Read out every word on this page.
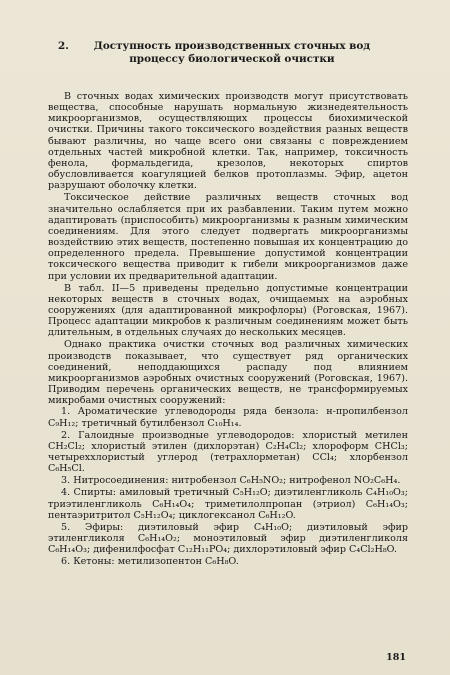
2.	Доступность производственных сточных вод процессу биологической очистки

В сточных водах химических производств могут присутствовать вещества, способные нарушать нормальную жизнедеятельность микроорганизмов, осуществляющих процессы биохимической очистки. Причины такого токсического воздействия разных веществ бывают различны, но чаще всего они связаны с повреждением отдельных частей микробной клетки. Так, например, токсичность фенола, формальдегида, крезолов, некоторых спиртов обусловливается коагуляцией белков протоплазмы. Эфир, ацетон разрушают оболочку клетки.

Токсическое действие различных веществ сточных вод значительно ослабляется при их разбавлении. Таким путем можно адаптировать (приспособить) микроорганизмы к разным химическим соединениям. Для этого следует подвергать микроорганизмы воздействию этих веществ, постепенно повышая их концентрацию до определенного предела. Превышение допустимой концентрации токсического вещества приводит к гибели микроорганизмов даже при условии их предварительной адаптации.

В табл. II—5 приведены предельно допустимые концентрации некоторых веществ в сточных водах, очищаемых на аэробных сооружениях (для адаптированной микрофлоры) (Роговская, 1967). Процесс адаптации микробов к различным соединениям может быть длительным, в отдельных случаях до нескольких месяцев.

Однако практика очистки сточных вод различных химических производств показывает, что существует ряд органических соединений, неподдающихся распаду под влиянием микроорганизмов аэробных очистных сооружений (Роговская, 1967). Приводим перечень органических веществ, не трансформируемых микробами очистных сооружений:

1. Ароматические углеводороды ряда бензола: н-пропилбензол C₉H₁₂; третичный бутилбензол C₁₀H₁₄.

2. Галоидные производные углеводородов: хлористый метилен CH₂Cl₂; хлористый этилен (дихлорэтан) C₂H₄Cl₂; хлороформ CHCl₃; четыреххлористый углерод (тетрахлорметан) CCl₄; хлорбензол C₆H₅Cl.

3. Нитросоединения: нитробензол C₆H₅NO₂; нитрофенол NO₂C₆H₄.

4. Спирты: амиловый третичный C₅H₁₂O; диэтиленгликоль C₄H₁₀O₃; триэтиленгликоль C₆H₁₄O₄; триметилолпропан (этриол) C₆H₁₄O₃; пентаэритритол C₅H₁₂O₄; циклогексанол C₆H₁₂O.

5. Эфиры: диэтиловый эфир C₄H₁₀O; диэтиловый эфир этиленгликоля C₆H₁₄O₂; моноэтиловый эфир диэтиленгликоля C₆H₁₄O₃; дифенилфосфат C₁₂H₁₁PO₄; дихлорэтиловый эфир C₄Cl₂H₈O.

6. Кетоны: метилизопентон C₆H₈O.

181
